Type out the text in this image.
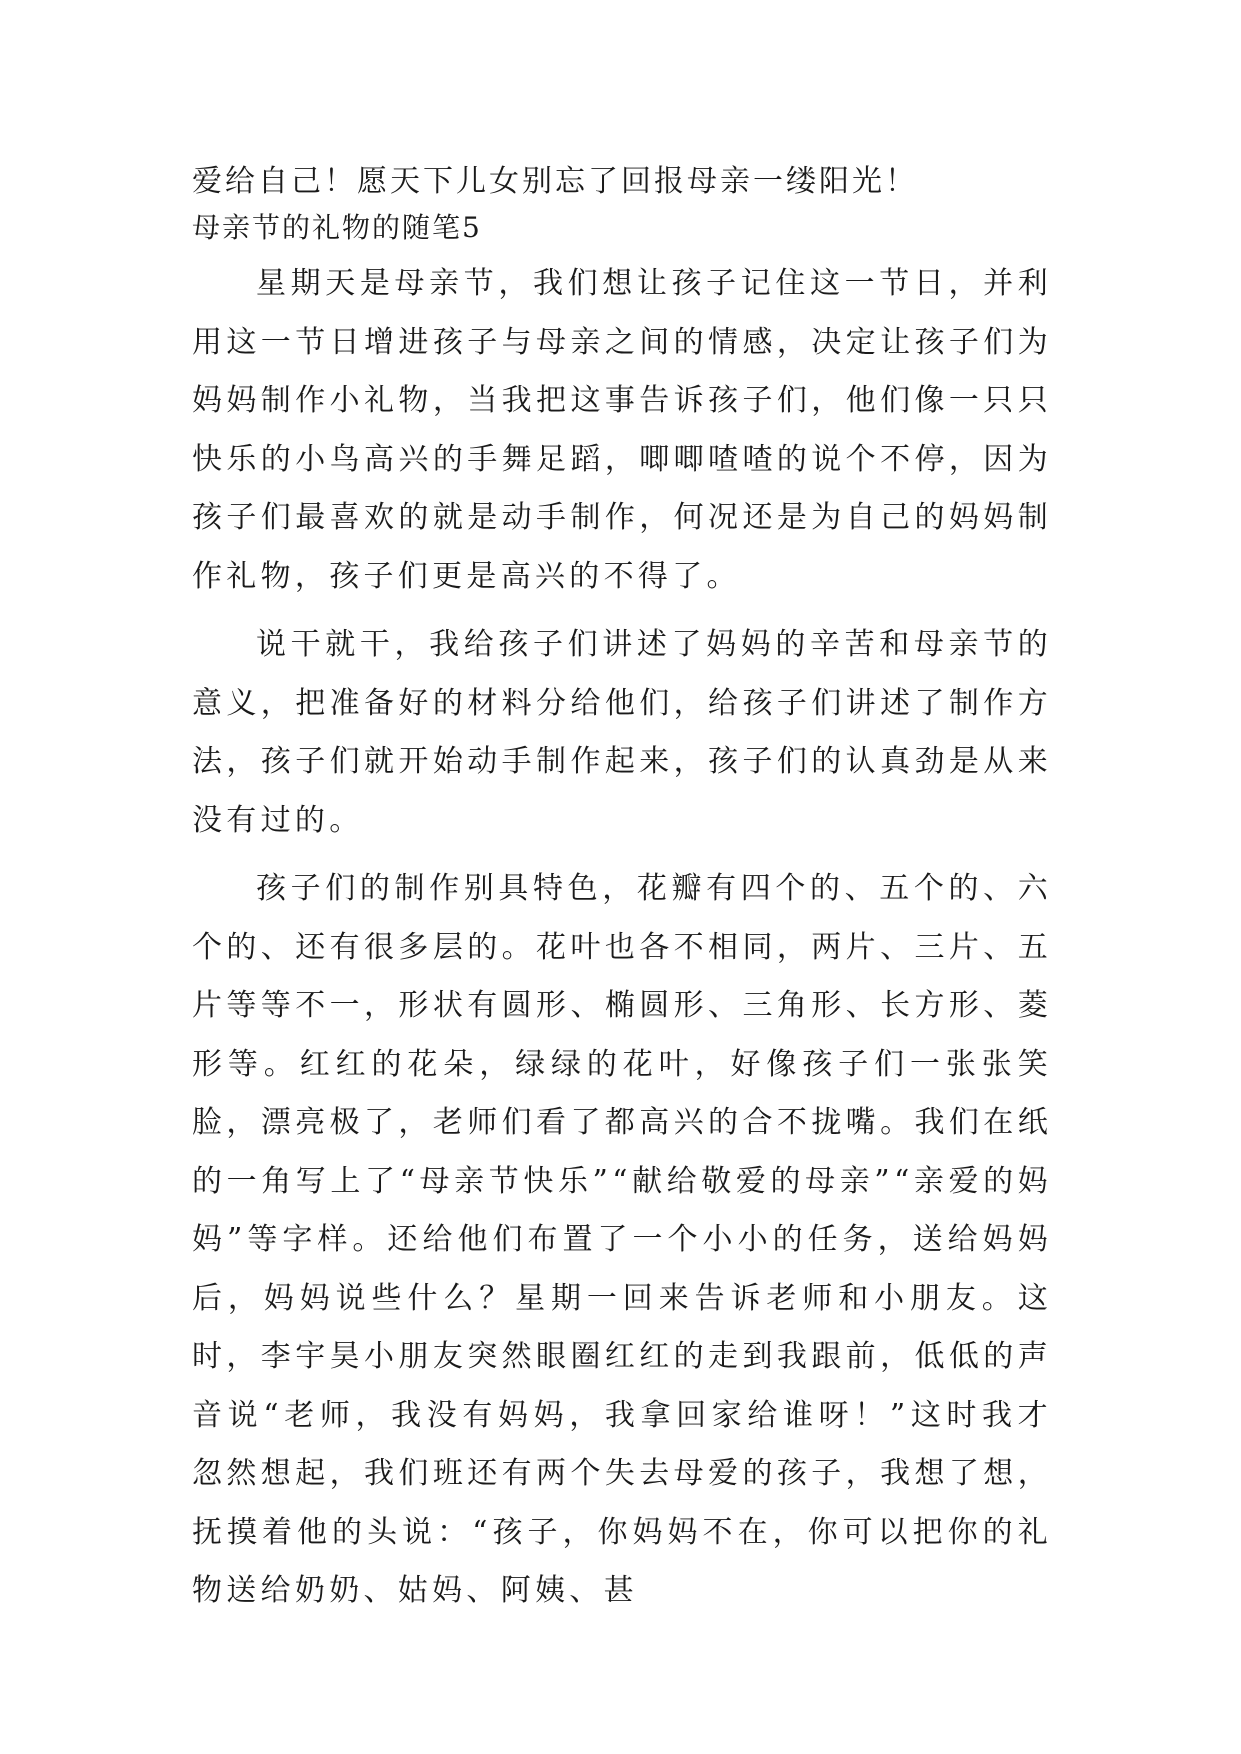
爱给自己！愿天下儿女别忘了回报母亲一缕阳光！
母亲节的礼物的随笔5

星期天是母亲节，我们想让孩子记住这一节日，并利用这一节日增进孩子与母亲之间的情感，决定让孩子们为妈妈制作小礼物，当我把这事告诉孩子们，他们像一只只快乐的小鸟高兴的手舞足蹈，唧唧喳喳的说个不停，因为孩子们最喜欢的就是动手制作，何况还是为自己的妈妈制作礼物，孩子们更是高兴的不得了。

说干就干，我给孩子们讲述了妈妈的辛苦和母亲节的意义，把准备好的材料分给他们，给孩子们讲述了制作方法，孩子们就开始动手制作起来，孩子们的认真劲是从来没有过的。

孩子们的制作别具特色，花瓣有四个的、五个的、六个的、还有很多层的。花叶也各不相同，两片、三片、五片等等不一，形状有圆形、椭圆形、三角形、长方形、菱形等。红红的花朵，绿绿的花叶，好像孩子们一张张笑脸，漂亮极了，老师们看了都高兴的合不拢嘴。我们在纸的一角写上了“母亲节快乐”“献给敬爱的母亲”“亲爱的妈妈”等字样。还给他们布置了一个小小的任务，送给妈妈后，妈妈说些什么？星期一回来告诉老师和小朋友。这时，李宇昊小朋友突然眼圈红红的走到我跟前，低低的声音说“老师，我没有妈妈，我拿回家给谁呀！”这时我才忽然想起，我们班还有两个失去母爱的孩子，我想了想，抚摸着他的头说：“孩子，你妈妈不在，你可以把你的礼物送给奶奶、姑妈、阿姨、甚
